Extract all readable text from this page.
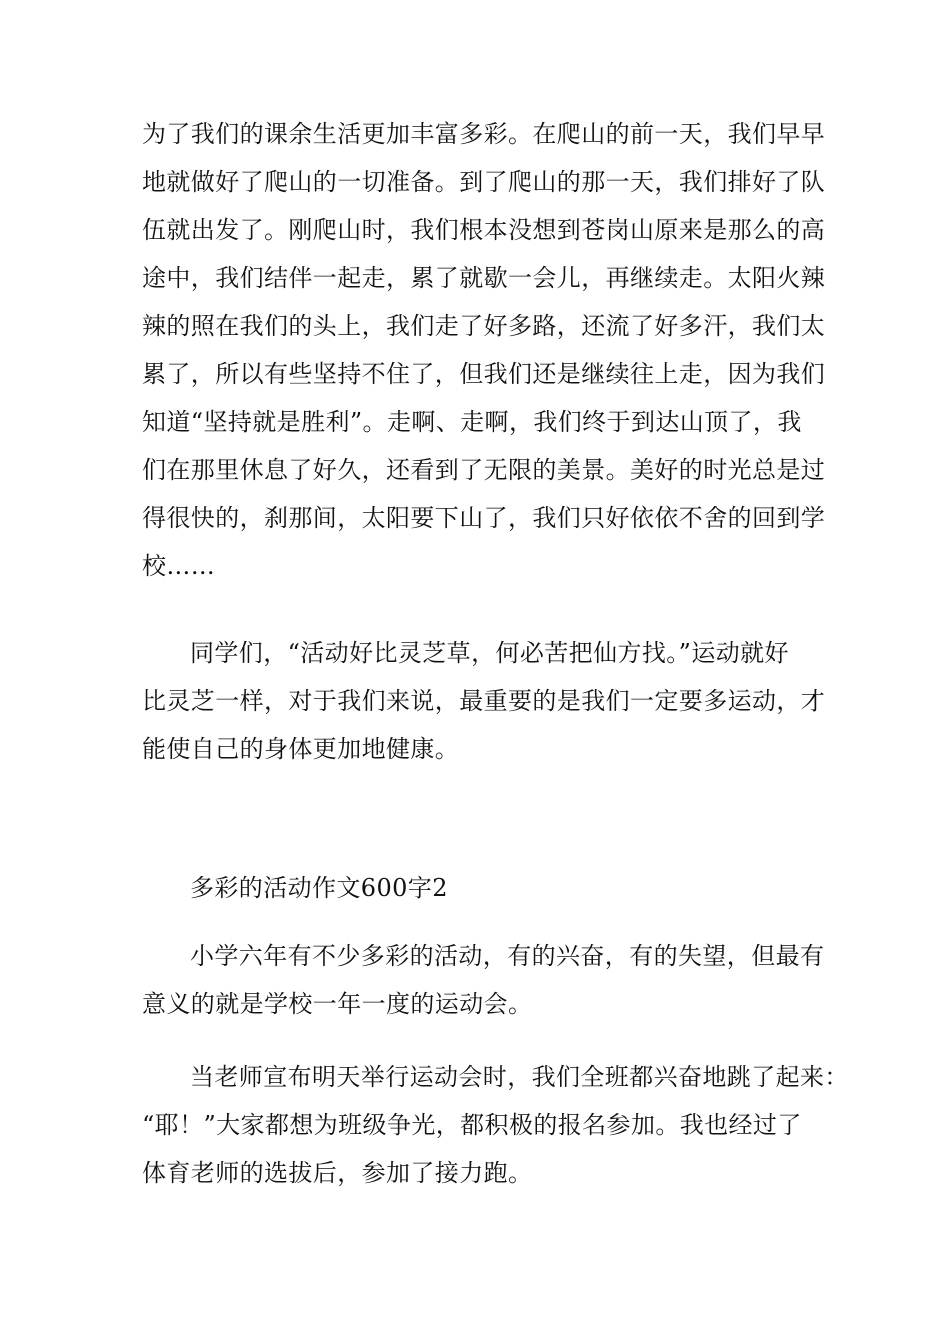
为了我们的课余生活更加丰富多彩。在爬山的前一天，我们早早
地就做好了爬山的一切准备。到了爬山的那一天，我们排好了队
伍就出发了。刚爬山时，我们根本没想到苍岗山原来是那么的高
途中，我们结伴一起走，累了就歇一会儿，再继续走。太阳火辣
辣的照在我们的头上，我们走了好多路，还流了好多汗，我们太
累了，所以有些坚持不住了，但我们还是继续往上走，因为我们
知道“坚持就是胜利”。走啊、走啊，我们终于到达山顶了，我
们在那里休息了好久，还看到了无限的美景。美好的时光总是过
得很快的，刹那间，太阳要下山了，我们只好依依不舍的回到学
校……
同学们，“活动好比灵芝草，何必苦把仙方找。”运动就好
比灵芝一样，对于我们来说，最重要的是我们一定要多运动，才
能使自己的身体更加地健康。
多彩的活动作文600字2
小学六年有不少多彩的活动，有的兴奋，有的失望，但最有
意义的就是学校一年一度的运动会。
当老师宣布明天举行运动会时，我们全班都兴奋地跳了起来：
“耶！”大家都想为班级争光，都积极的报名参加。我也经过了
体育老师的选拔后，参加了接力跑。
